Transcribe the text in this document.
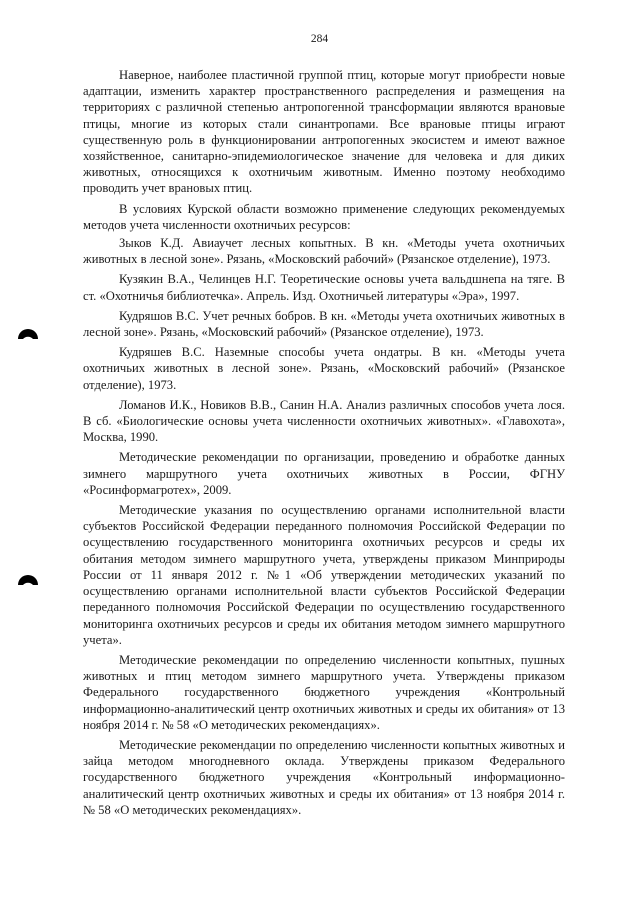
284

Наверное, наиболее пластичной группой птиц, которые могут приобрести новые адаптации, изменить характер пространственного распределения и размещения на территориях с различной степенью антропогенной трансформации являются врановые птицы, многие из которых стали синантропами. Все врановые птицы играют существенную роль в функционировании антропогенных экосистем и имеют важное хозяйственное, санитарно-эпидемиологическое значение для человека и для диких животных, относящихся к охотничьим животным. Именно поэтому необходимо проводить учет врановых птиц.

В условиях Курской области возможно применение следующих рекомендуемых методов учета численности охотничьих ресурсов:

Зыков К.Д. Авиаучет лесных копытных. В кн. «Методы учета охотничьих животных в лесной зоне». Рязань, «Московский рабочий» (Рязанское отделение), 1973.

Кузякин В.А., Челинцев Н.Г. Теоретические основы учета вальдшнепа на тяге. В ст. «Охотничья библиотечка». Апрель. Изд. Охотничьей литературы «Эра», 1997.

Кудряшов В.С. Учет речных бобров. В кн. «Методы учета охотничьих животных в лесной зоне». Рязань, «Московский рабочий» (Рязанское отделение), 1973.

Кудряшев В.С. Наземные способы учета ондатры. В кн. «Методы учета охотничьих животных в лесной зоне». Рязань, «Московский рабочий» (Рязанское отделение), 1973.

Ломанов И.К., Новиков В.В., Санин Н.А. Анализ различных способов учета лося. В сб. «Биологические основы учета численности охотничьих животных». «Главохота», Москва, 1990.

Методические рекомендации по организации, проведению и обработке данных зимнего маршрутного учета охотничьих животных в России, ФГНУ «Росинформагротех», 2009.

Методические указания по осуществлению органами исполнительной власти субъектов Российской Федерации переданного полномочия Российской Федерации по осуществлению государственного мониторинга охотничьих ресурсов и среды их обитания методом зимнего маршрутного учета, утверждены приказом Минприроды России от 11 января 2012 г. №1 «Об утверждении методических указаний по осуществлению органами исполнительной власти субъектов Российской Федерации переданного полномочия Российской Федерации по осуществлению государственного мониторинга охотничьих ресурсов и среды их обитания методом зимнего маршрутного учета».

Методические рекомендации по определению численности копытных, пушных животных и птиц методом зимнего маршрутного учета. Утверждены приказом Федерального государственного бюджетного учреждения «Контрольный информационно-аналитический центр охотничьих животных и среды их обитания» от 13 ноября 2014 г. № 58 «О методических рекомендациях».

Методические рекомендации по определению численности копытных животных и зайца методом многодневного оклада. Утверждены приказом Федерального государственного бюджетного учреждения «Контрольный информационно-аналитический центр охотничьих животных и среды их обитания» от 13 ноября 2014 г. № 58 «О методических рекомендациях».
